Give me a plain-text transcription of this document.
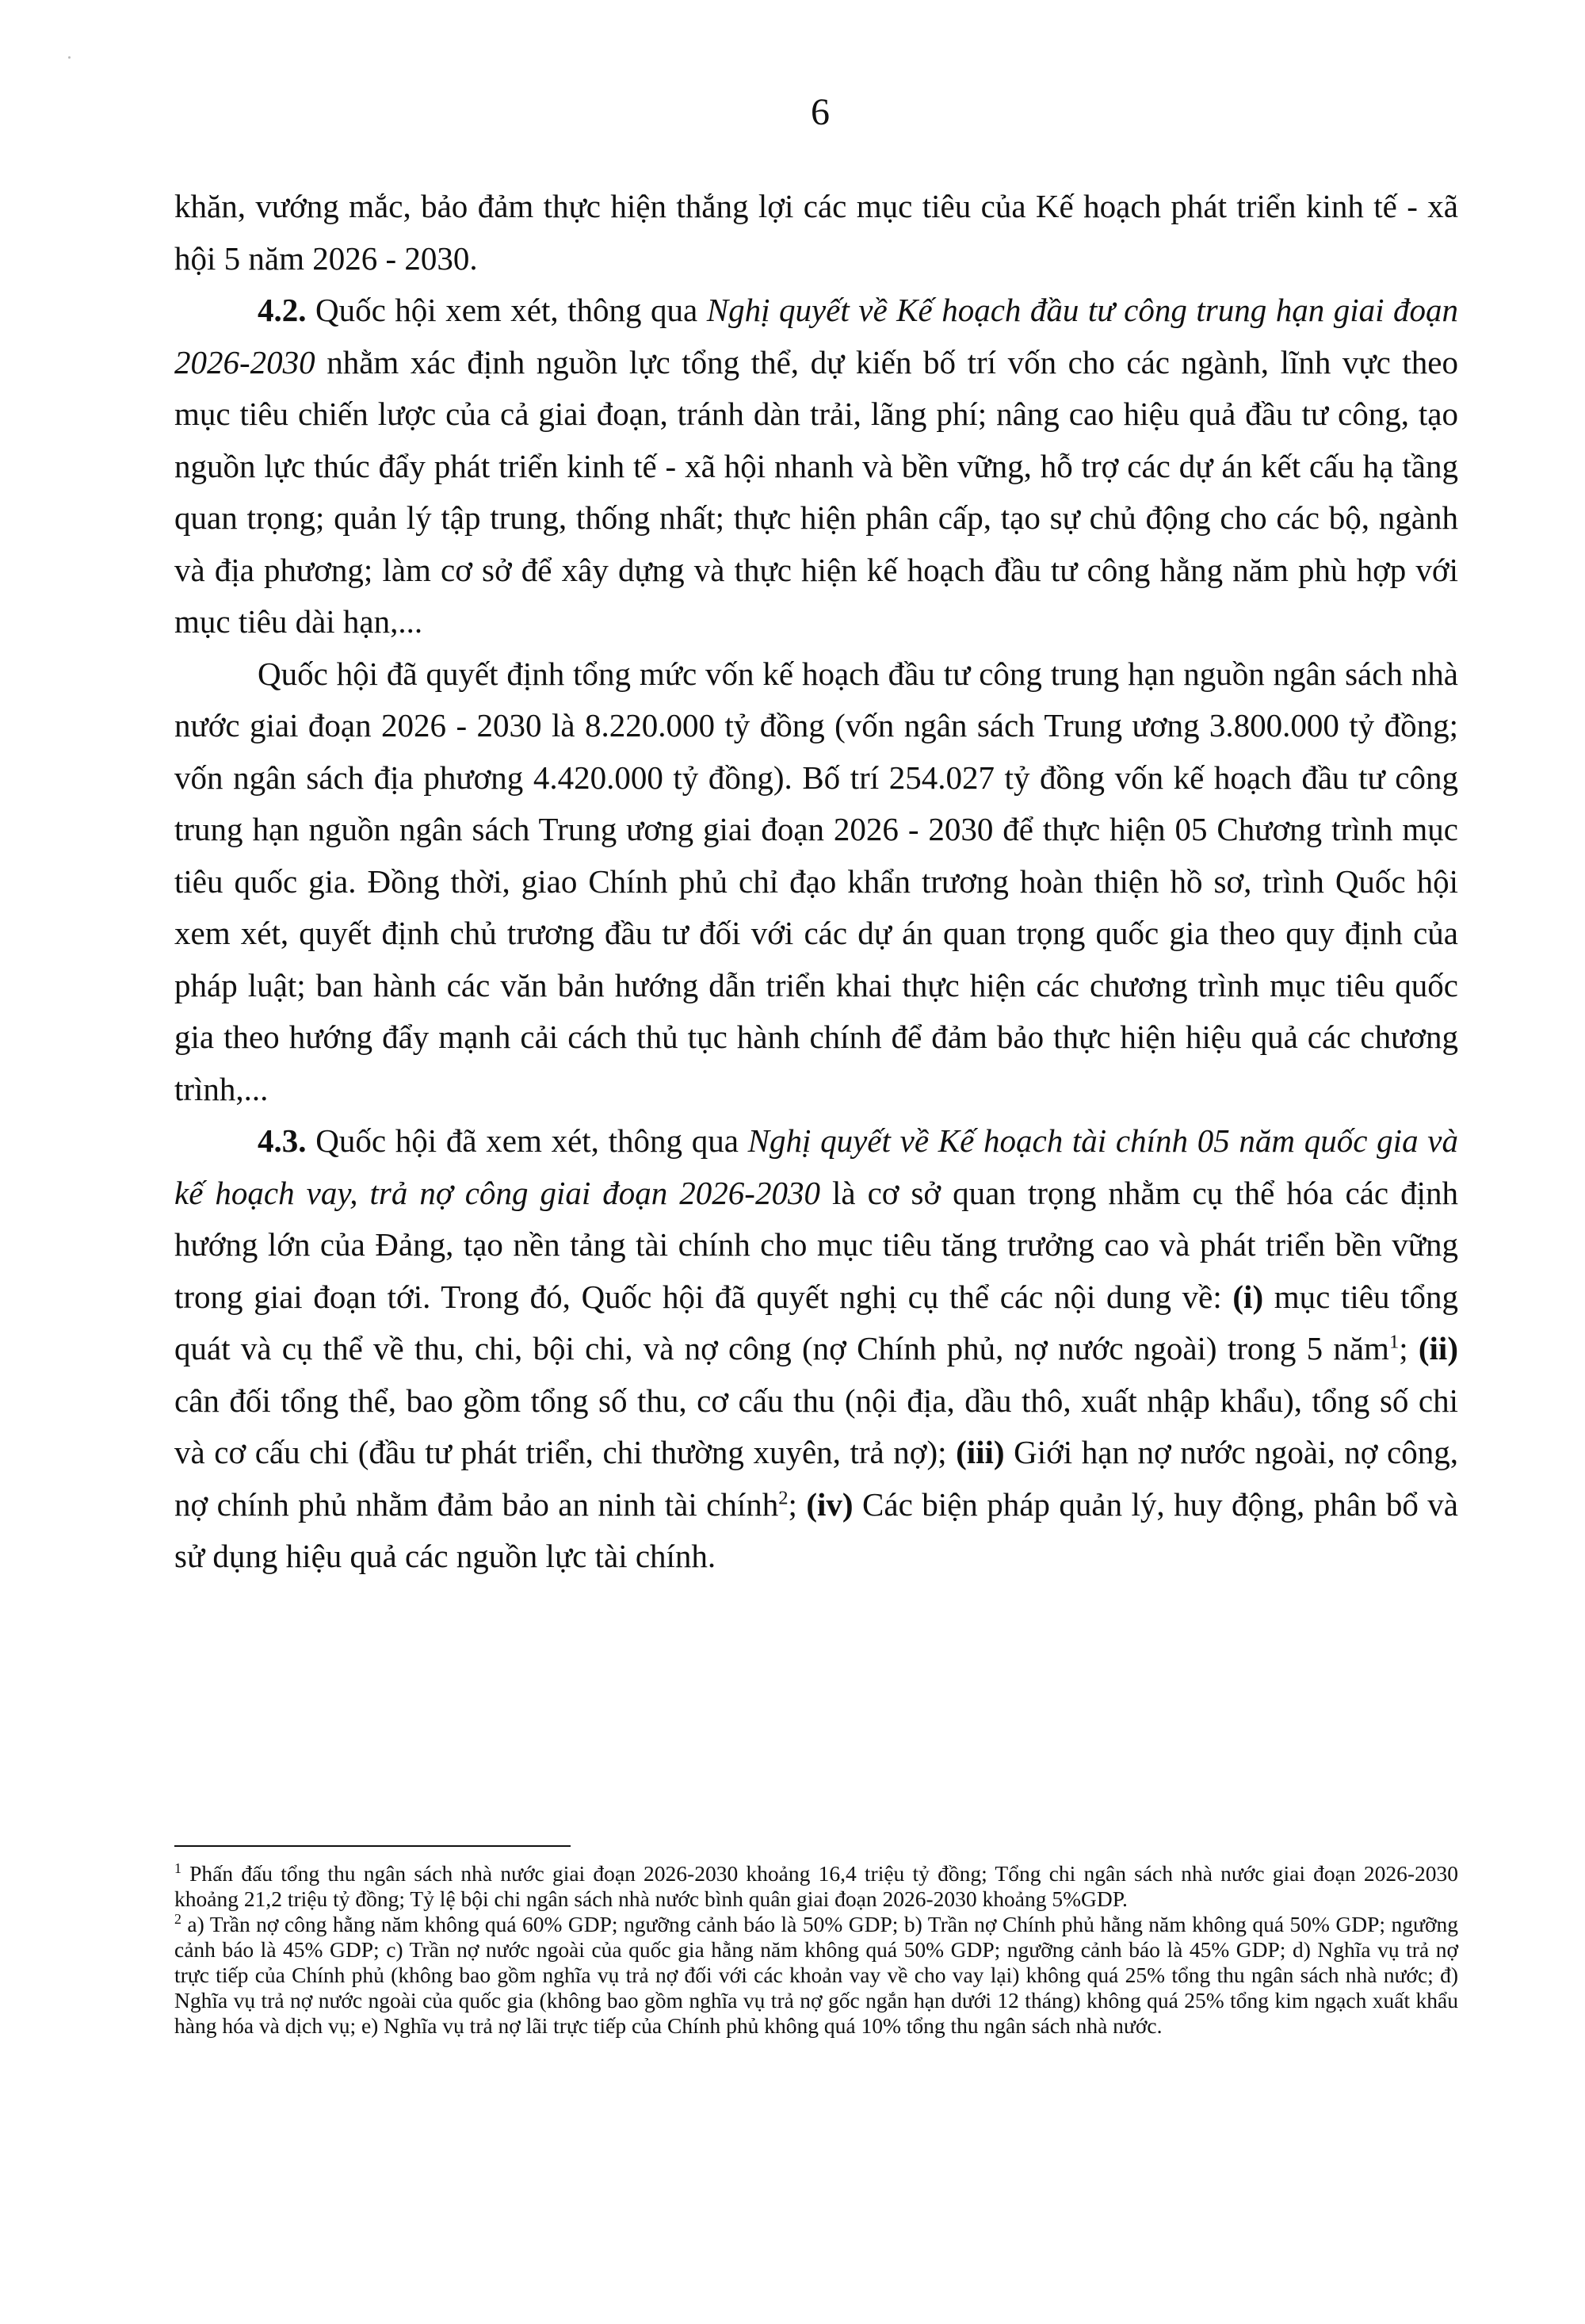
6

khăn, vướng mắc, bảo đảm thực hiện thắng lợi các mục tiêu của Kế hoạch phát triển kinh tế - xã hội 5 năm 2026 - 2030.

4.2. Quốc hội xem xét, thông qua Nghị quyết về Kế hoạch đầu tư công trung hạn giai đoạn 2026-2030 nhằm xác định nguồn lực tổng thể, dự kiến bố trí vốn cho các ngành, lĩnh vực theo mục tiêu chiến lược của cả giai đoạn, tránh dàn trải, lãng phí; nâng cao hiệu quả đầu tư công, tạo nguồn lực thúc đẩy phát triển kinh tế - xã hội nhanh và bền vững, hỗ trợ các dự án kết cấu hạ tầng quan trọng; quản lý tập trung, thống nhất; thực hiện phân cấp, tạo sự chủ động cho các bộ, ngành và địa phương; làm cơ sở để xây dựng và thực hiện kế hoạch đầu tư công hằng năm phù hợp với mục tiêu dài hạn,...

Quốc hội đã quyết định tổng mức vốn kế hoạch đầu tư công trung hạn nguồn ngân sách nhà nước giai đoạn 2026 - 2030 là 8.220.000 tỷ đồng (vốn ngân sách Trung ương 3.800.000 tỷ đồng; vốn ngân sách địa phương 4.420.000 tỷ đồng). Bố trí 254.027 tỷ đồng vốn kế hoạch đầu tư công trung hạn nguồn ngân sách Trung ương giai đoạn 2026 - 2030 để thực hiện 05 Chương trình mục tiêu quốc gia. Đồng thời, giao Chính phủ chỉ đạo khẩn trương hoàn thiện hồ sơ, trình Quốc hội xem xét, quyết định chủ trương đầu tư đối với các dự án quan trọng quốc gia theo quy định của pháp luật; ban hành các văn bản hướng dẫn triển khai thực hiện các chương trình mục tiêu quốc gia theo hướng đẩy mạnh cải cách thủ tục hành chính để đảm bảo thực hiện hiệu quả các chương trình,...

4.3. Quốc hội đã xem xét, thông qua Nghị quyết về Kế hoạch tài chính 05 năm quốc gia và kế hoạch vay, trả nợ công giai đoạn 2026-2030 là cơ sở quan trọng nhằm cụ thể hóa các định hướng lớn của Đảng, tạo nền tảng tài chính cho mục tiêu tăng trưởng cao và phát triển bền vững trong giai đoạn tới. Trong đó, Quốc hội đã quyết nghị cụ thể các nội dung về: (i) mục tiêu tổng quát và cụ thể về thu, chi, bội chi, và nợ công (nợ Chính phủ, nợ nước ngoài) trong 5 năm$^1$; (ii) cân đối tổng thể, bao gồm tổng số thu, cơ cấu thu (nội địa, dầu thô, xuất nhập khẩu), tổng số chi và cơ cấu chi (đầu tư phát triển, chi thường xuyên, trả nợ); (iii) Giới hạn nợ nước ngoài, nợ công, nợ chính phủ nhằm đảm bảo an ninh tài chính$^2$; (iv) Các biện pháp quản lý, huy động, phân bổ và sử dụng hiệu quả các nguồn lực tài chính.

$^1$ Phấn đấu tổng thu ngân sách nhà nước giai đoạn 2026-2030 khoảng 16,4 triệu tỷ đồng; Tổng chi ngân sách nhà nước giai đoạn 2026-2030 khoảng 21,2 triệu tỷ đồng; Tỷ lệ bội chi ngân sách nhà nước bình quân giai đoạn 2026-2030 khoảng 5%GDP.

$^2$ a) Trần nợ công hằng năm không quá 60% GDP; ngưỡng cảnh báo là 50% GDP; b) Trần nợ Chính phủ hằng năm không quá 50% GDP; ngưỡng cảnh báo là 45% GDP; c) Trần nợ nước ngoài của quốc gia hằng năm không quá 50% GDP; ngưỡng cảnh báo là 45% GDP; d) Nghĩa vụ trả nợ trực tiếp của Chính phủ (không bao gồm nghĩa vụ trả nợ đối với các khoản vay về cho vay lại) không quá 25% tổng thu ngân sách nhà nước; đ) Nghĩa vụ trả nợ nước ngoài của quốc gia (không bao gồm nghĩa vụ trả nợ gốc ngắn hạn dưới 12 tháng) không quá 25% tổng kim ngạch xuất khẩu hàng hóa và dịch vụ; e) Nghĩa vụ trả nợ lãi trực tiếp của Chính phủ không quá 10% tổng thu ngân sách nhà nước.
